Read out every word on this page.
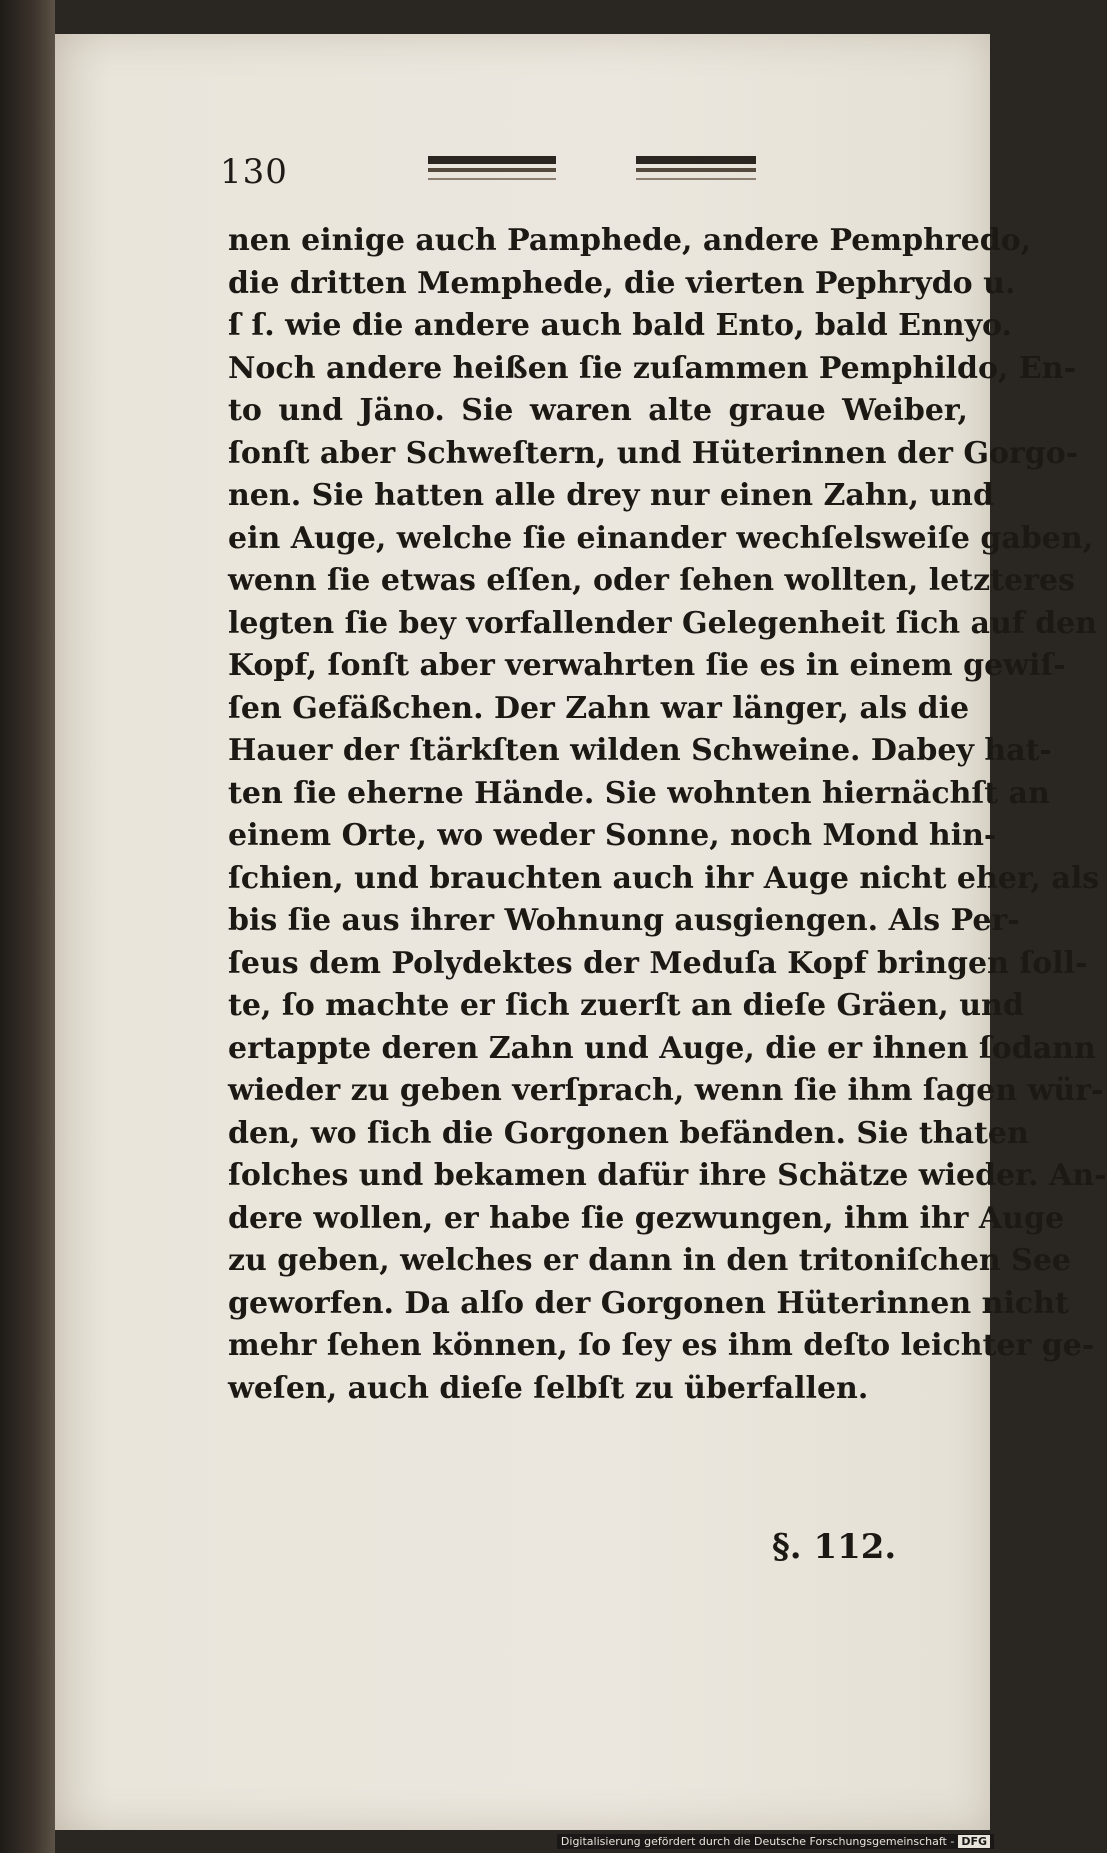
130
nen einige auch Pamphede, andere Pemphredo,
die dritten Memphede, die vierten Pephrydo u.
ſ ſ. wie die andere auch bald Ento, bald Ennyo.
Noch andere heißen ſie zuſammen Pemphildo, En-
to und Jäno. Sie waren alte graue Weiber,
ſonſt aber Schweſtern, und Hüterinnen der Gorgo-
nen. Sie hatten alle drey nur einen Zahn, und
ein Auge, welche ſie einander wechſelsweiſe gaben,
wenn ſie etwas eſſen, oder ſehen wollten, letzteres
legten ſie bey vorfallender Gelegenheit ſich auf den
Kopf, ſonſt aber verwahrten ſie es in einem gewiſ-
ſen Gefäßchen. Der Zahn war länger, als die
Hauer der ſtärkſten wilden Schweine. Dabey hat-
ten ſie eherne Hände. Sie wohnten hiernächſt an
einem Orte, wo weder Sonne, noch Mond hin-
ſchien, und brauchten auch ihr Auge nicht eher, als
bis ſie aus ihrer Wohnung ausgiengen. Als Per-
ſeus dem Polydektes der Meduſa Kopf bringen ſoll-
te, ſo machte er ſich zuerſt an dieſe Gräen, und
ertappte deren Zahn und Auge, die er ihnen ſodann
wieder zu geben verſprach, wenn ſie ihm ſagen wür-
den, wo ſich die Gorgonen befänden. Sie thaten
ſolches und bekamen dafür ihre Schätze wieder. An-
dere wollen, er habe ſie gezwungen, ihm ihr Auge
zu geben, welches er dann in den tritoniſchen See
geworfen. Da alſo der Gorgonen Hüterinnen nicht
mehr ſehen können, ſo ſey es ihm deſto leichter ge-
weſen, auch dieſe ſelbſt zu überfallen.
§. 112.
Digitalisierung gefördert durch die Deutsche Forschungsgemeinschaft - DFG
